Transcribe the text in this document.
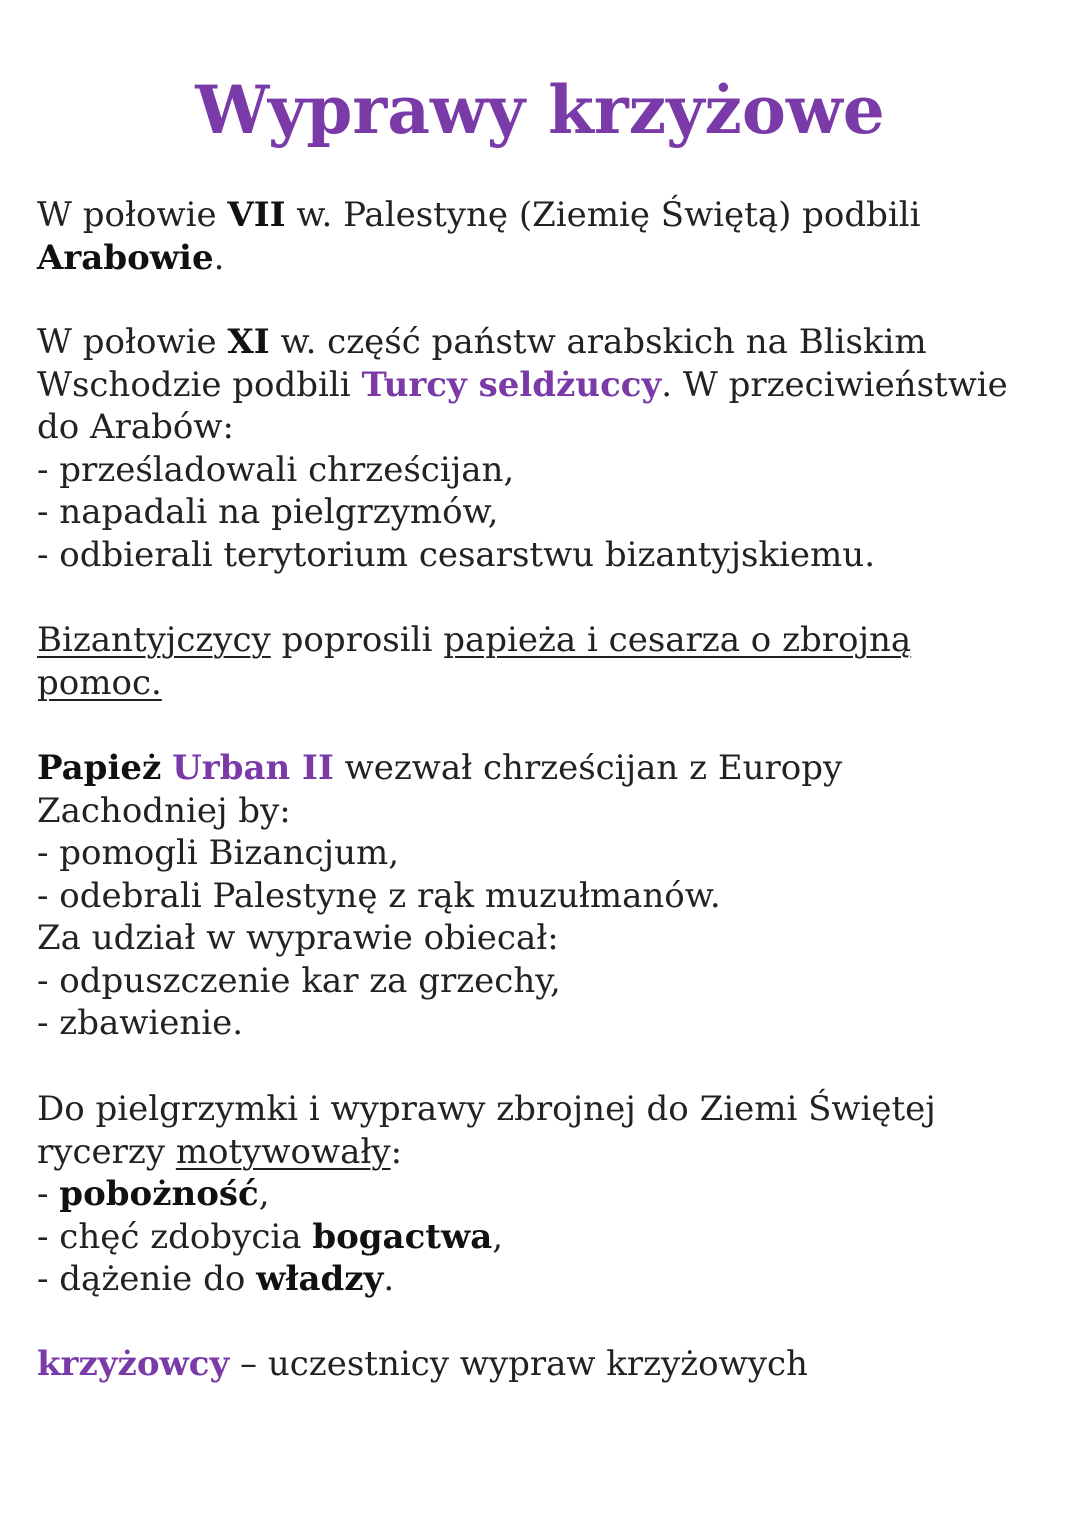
Wyprawy krzyżowe

W połowie VII w. Palestynę (Ziemię Świętą) podbili
Arabowie.

W połowie XI w. część państw arabskich na Bliskim
Wschodzie podbili Turcy seldżuccy. W przeciwieństwie
do Arabów:
- prześladowali chrześcijan,
- napadali na pielgrzymów,
- odbierali terytorium cesarstwu bizantyjskiemu.

Bizantyjczycy poprosili papieża i cesarza o zbrojną
pomoc.

Papież Urban II wezwał chrześcijan z Europy
Zachodniej by:
- pomogli Bizancjum,
- odebrali Palestynę z rąk muzułmanów.
Za udział w wyprawie obiecał:
- odpuszczenie kar za grzechy,
- zbawienie.

Do pielgrzymki i wyprawy zbrojnej do Ziemi Świętej
rycerzy motywowały:
- pobożność,
- chęć zdobycia bogactwa,
- dążenie do władzy.

krzyżowcy – uczestnicy wypraw krzyżowych
